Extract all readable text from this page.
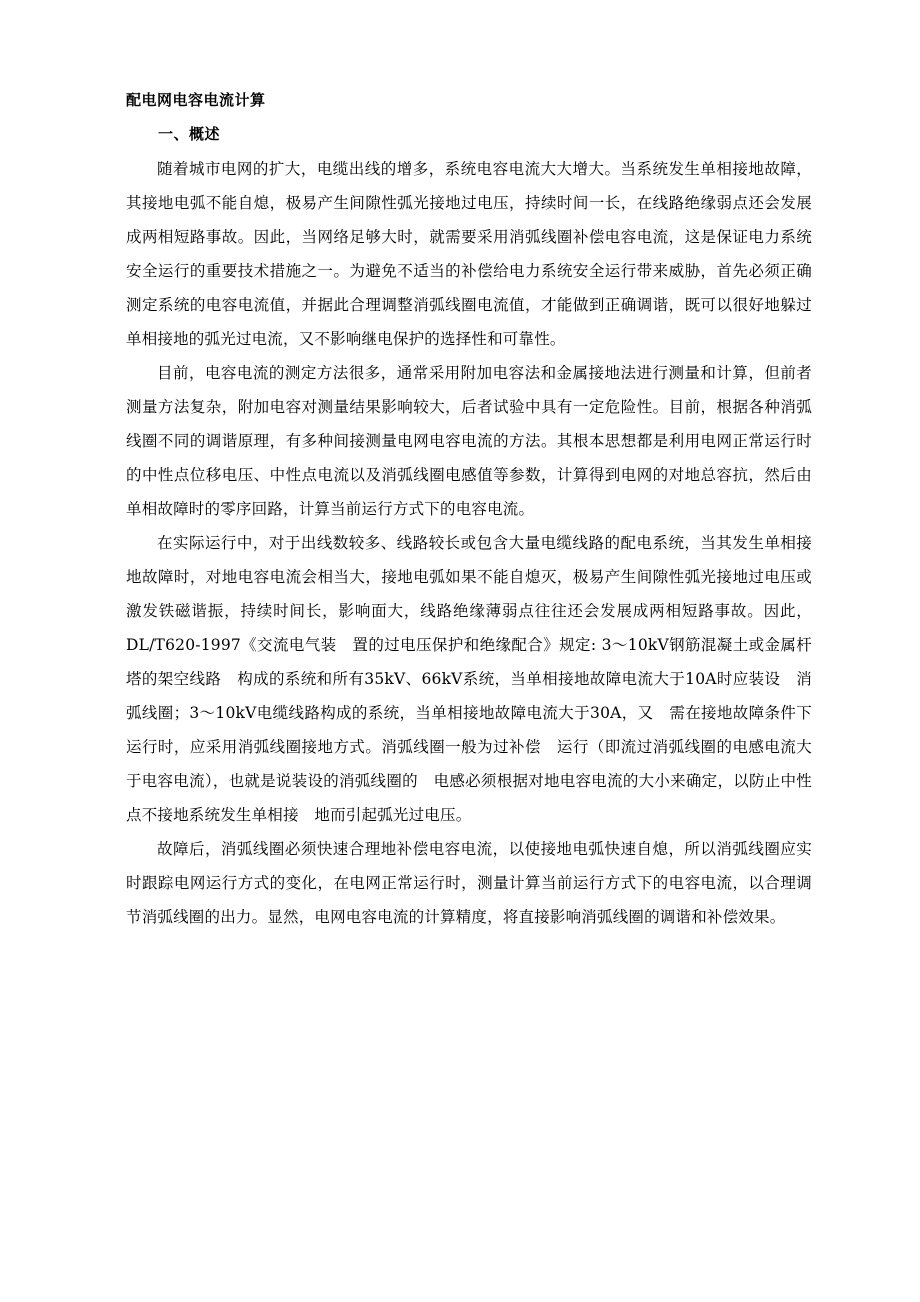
配电网电容电流计算
一、概述

随着城市电网的扩大，电缆出线的增多，系统电容电流大大增大。当系统发生单相接地故障，其接地电弧不能自熄，极易产生间隙性弧光接地过电压，持续时间一长，在线路绝缘弱点还会发展成两相短路事故。因此，当网络足够大时，就需要采用消弧线圈补偿电容电流，这是保证电力系统安全运行的重要技术措施之一。为避免不适当的补偿给电力系统安全运行带来威胁，首先必须正确测定系统的电容电流值，并据此合理调整消弧线圈电流值，才能做到正确调谐，既可以很好地躲过单相接地的弧光过电流，又不影响继电保护的选择性和可靠性。

目前，电容电流的测定方法很多，通常采用附加电容法和金属接地法进行测量和计算，但前者测量方法复杂，附加电容对测量结果影响较大，后者试验中具有一定危险性。目前，根据各种消弧线圈不同的调谐原理，有多种间接测量电网电容电流的方法。其根本思想都是利用电网正常运行时的中性点位移电压、中性点电流以及消弧线圈电感值等参数，计算得到电网的对地总容抗，然后由单相故障时的零序回路，计算当前运行方式下的电容电流。

在实际运行中，对于出线数较多、线路较长或包含大量电缆线路的配电系统，当其发生单相接地故障时，对地电容电流会相当大，接地电弧如果不能自熄灭，极易产生间隙性弧光接地过电压或激发铁磁谐振，持续时间长，影响面大，线路绝缘薄弱点往往还会发展成两相短路事故。因此，DL/T620-1997《交流电气装　置的过电压保护和绝缘配合》规定: 3～10kV钢筋混凝土或金属杆塔的架空线路　构成的系统和所有35kV、66kV系统，当单相接地故障电流大于10A时应装设　消弧线圈；3～10kV电缆线路构成的系统，当单相接地故障电流大于30A，又　需在接地故障条件下运行时，应采用消弧线圈接地方式。消弧线圈一般为过补偿　运行（即流过消弧线圈的电感电流大于电容电流），也就是说装设的消弧线圈的　电感必须根据对地电容电流的大小来确定，以防止中性点不接地系统发生单相接　地而引起弧光过电压。

故障后，消弧线圈必须快速合理地补偿电容电流，以使接地电弧快速自熄，所以消弧线圈应实时跟踪电网运行方式的变化，在电网正常运行时，测量计算当前运行方式下的电容电流，以合理调节消弧线圈的出力。显然，电网电容电流的计算精度，将直接影响消弧线圈的调谐和补偿效果。
